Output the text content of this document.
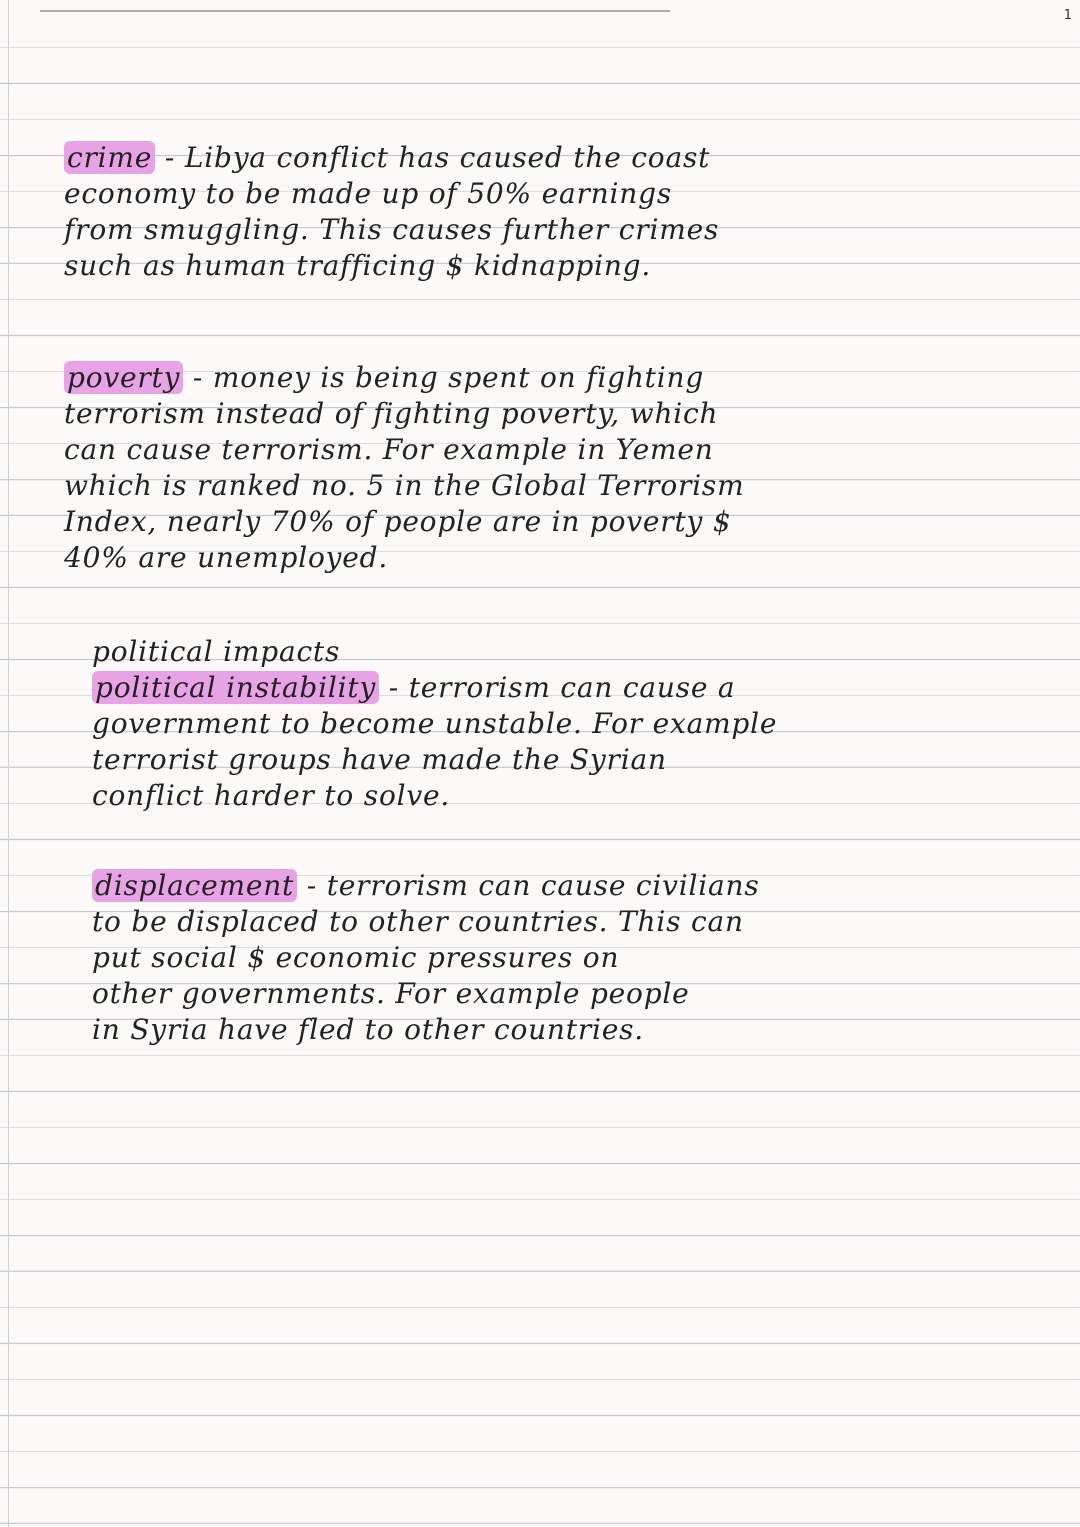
1
crime - Libya conflict has caused the coast
economy to be made up of 50% earnings
from smuggling. This causes further crimes
such as human trafficing $ kidnapping.
poverty - money is being spent on fighting
terrorism instead of fighting poverty, which
can cause terrorism. For example in Yemen
which is ranked no. 5 in the Global Terrorism
Index, nearly 70% of people are in poverty $
40% are unemployed.
political impacts
political instability - terrorism can cause a
government to become unstable. For example
terrorist groups have made the Syrian
conflict harder to solve.
displacement - terrorism can cause civilians
to be displaced to other countries. This can
put social $ economic pressures on
other governments. For example people
in Syria have fled to other countries.
